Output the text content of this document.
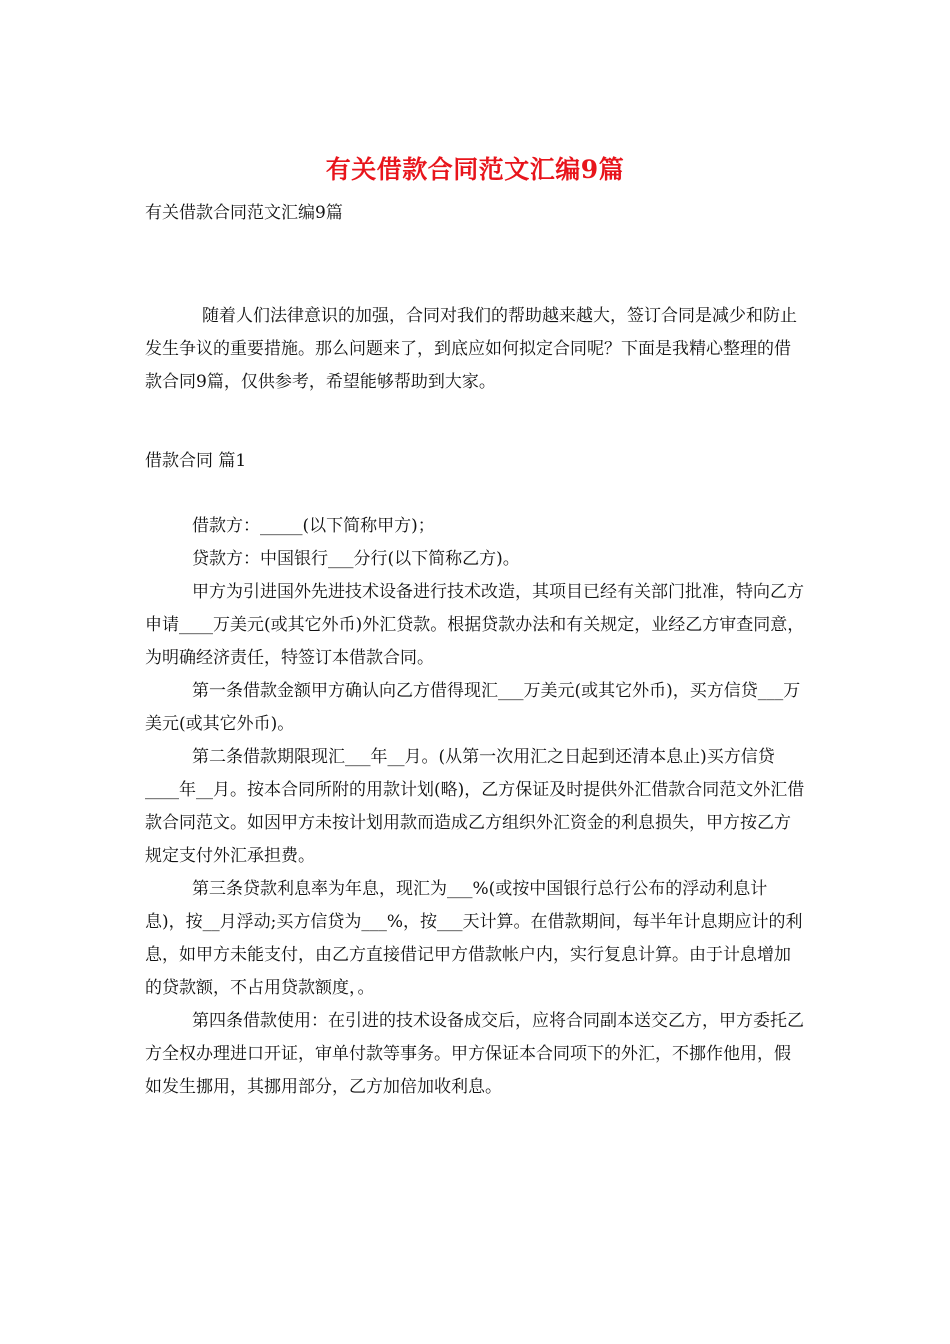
有关借款合同范文汇编9篇
有关借款合同范文汇编9篇

随着人们法律意识的加强，合同对我们的帮助越来越大，签订合同是减少和防止发生争议的重要措施。那么问题来了，到底应如何拟定合同呢？下面是我精心整理的借款合同9篇，仅供参考，希望能够帮助到大家。

借款合同 篇1

借款方：_____(以下简称甲方)；

贷款方：中国银行___分行(以下简称乙方)。

甲方为引进国外先进技术设备进行技术改造，其项目已经有关部门批准，特向乙方申请____万美元(或其它外币)外汇贷款。根据贷款办法和有关规定，业经乙方审查同意，为明确经济责任，特签订本借款合同。

第一条借款金额甲方确认向乙方借得现汇___万美元(或其它外币)，买方信贷___万美元(或其它外币)。

第二条借款期限现汇___年__月。(从第一次用汇之日起到还清本息止)买方信贷____年__月。按本合同所附的用款计划(略)，乙方保证及时提供外汇借款合同范文外汇借款合同范文。如因甲方未按计划用款而造成乙方组织外汇资金的利息损失，甲方按乙方规定支付外汇承担费。

第三条贷款利息率为年息，现汇为___%(或按中国银行总行公布的浮动利息计息)，按__月浮动;买方信贷为___%，按___天计算。在借款期间，每半年计息期应计的利息，如甲方未能支付，由乙方直接借记甲方借款帐户内，实行复息计算。由于计息增加的贷款额，不占用贷款额度，。

第四条借款使用：在引进的技术设备成交后，应将合同副本送交乙方，甲方委托乙方全权办理进口开证，审单付款等事务。甲方保证本合同项下的外汇，不挪作他用，假如发生挪用，其挪用部分，乙方加倍加收利息。
